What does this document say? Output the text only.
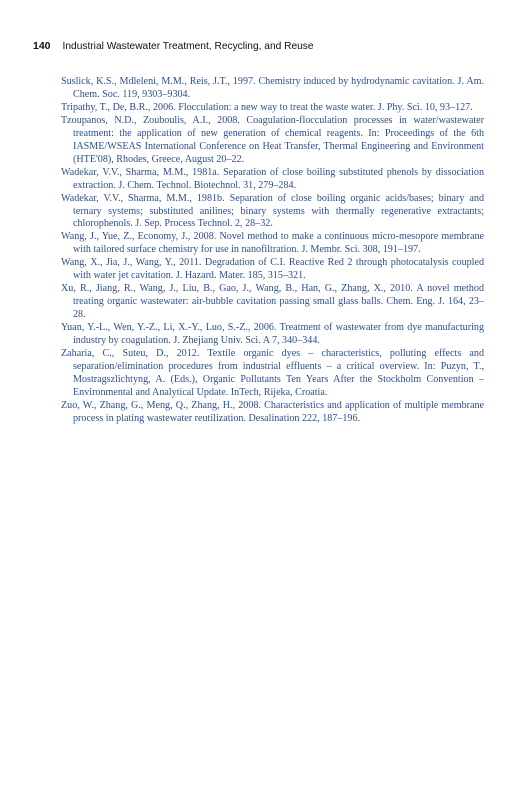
140 Industrial Wastewater Treatment, Recycling, and Reuse

Suslick, K.S., Mdleleni, M.M., Reis, J.T., 1997. Chemistry induced by hydrodynamic cavitation. J. Am. Chem. Soc. 119, 9303–9304.

Tripathy, T., De, B.R., 2006. Flocculation: a new way to treat the waste water. J. Phy. Sci. 10, 93–127.

Tzoupanos, N.D., Zouboulis, A.I., 2008. Coagulation-flocculation processes in water/wastewater treatment: the application of new generation of chemical reagents. In: Proceedings of the 6th IASME/WSEAS International Conference on Heat Transfer, Thermal Engineering and Environment (HTE'08), Rhodes, Greece, August 20–22.

Wadekar, V.V., Sharma, M.M., 1981a. Separation of close boiling substituted phenols by dissociation extraction. J. Chem. Technol. Biotechnol. 31, 279–284.

Wadekar, V.V., Sharma, M.M., 1981b. Separation of close boiling organic acids/bases; binary and ternary systems; substituted anilines; binary systems with thermally regenerative extractants; chlorophenols. J. Sep. Process Technol. 2, 28–32.

Wang, J., Yue, Z., Economy, J., 2008. Novel method to make a continuous micro-mesopore membrane with tailored surface chemistry for use in nanofiltration. J. Membr. Sci. 308, 191–197.

Wang, X., Jia, J., Wang, Y., 2011. Degradation of C.I. Reactive Red 2 through photocatalysis coupled with water jet cavitation. J. Hazard. Mater. 185, 315–321.

Xu, R., Jiang, R., Wang, J., Liu, B., Gao, J., Wang, B., Han, G., Zhang, X., 2010. A novel method treating organic wastewater: air-bubble cavitation passing small glass balls. Chem. Eng. J. 164, 23–28.

Yuan, Y.-L., Wen, Y.-Z., Li, X.-Y., Luo, S.-Z., 2006. Treatment of wastewater from dye manufacturing industry by coagulation. J. Zhejiang Univ. Sci. A 7, 340–344.

Zaharia, C., Suteu, D., 2012. Textile organic dyes – characteristics, polluting effects and separation/elimination procedures from industrial effluents – a critical overview. In: Puzyn, T., Mostragszlichtyng, A. (Eds.), Organic Pollutants Ten Years After the Stockholm Convention – Environmental and Analytical Update. InTech, Rijeka, Croatia.

Zuo, W., Zhang, G., Meng, Q., Zhang, H., 2008. Characteristics and application of multiple membrane process in plating wastewater reutilization. Desalination 222, 187–196.
